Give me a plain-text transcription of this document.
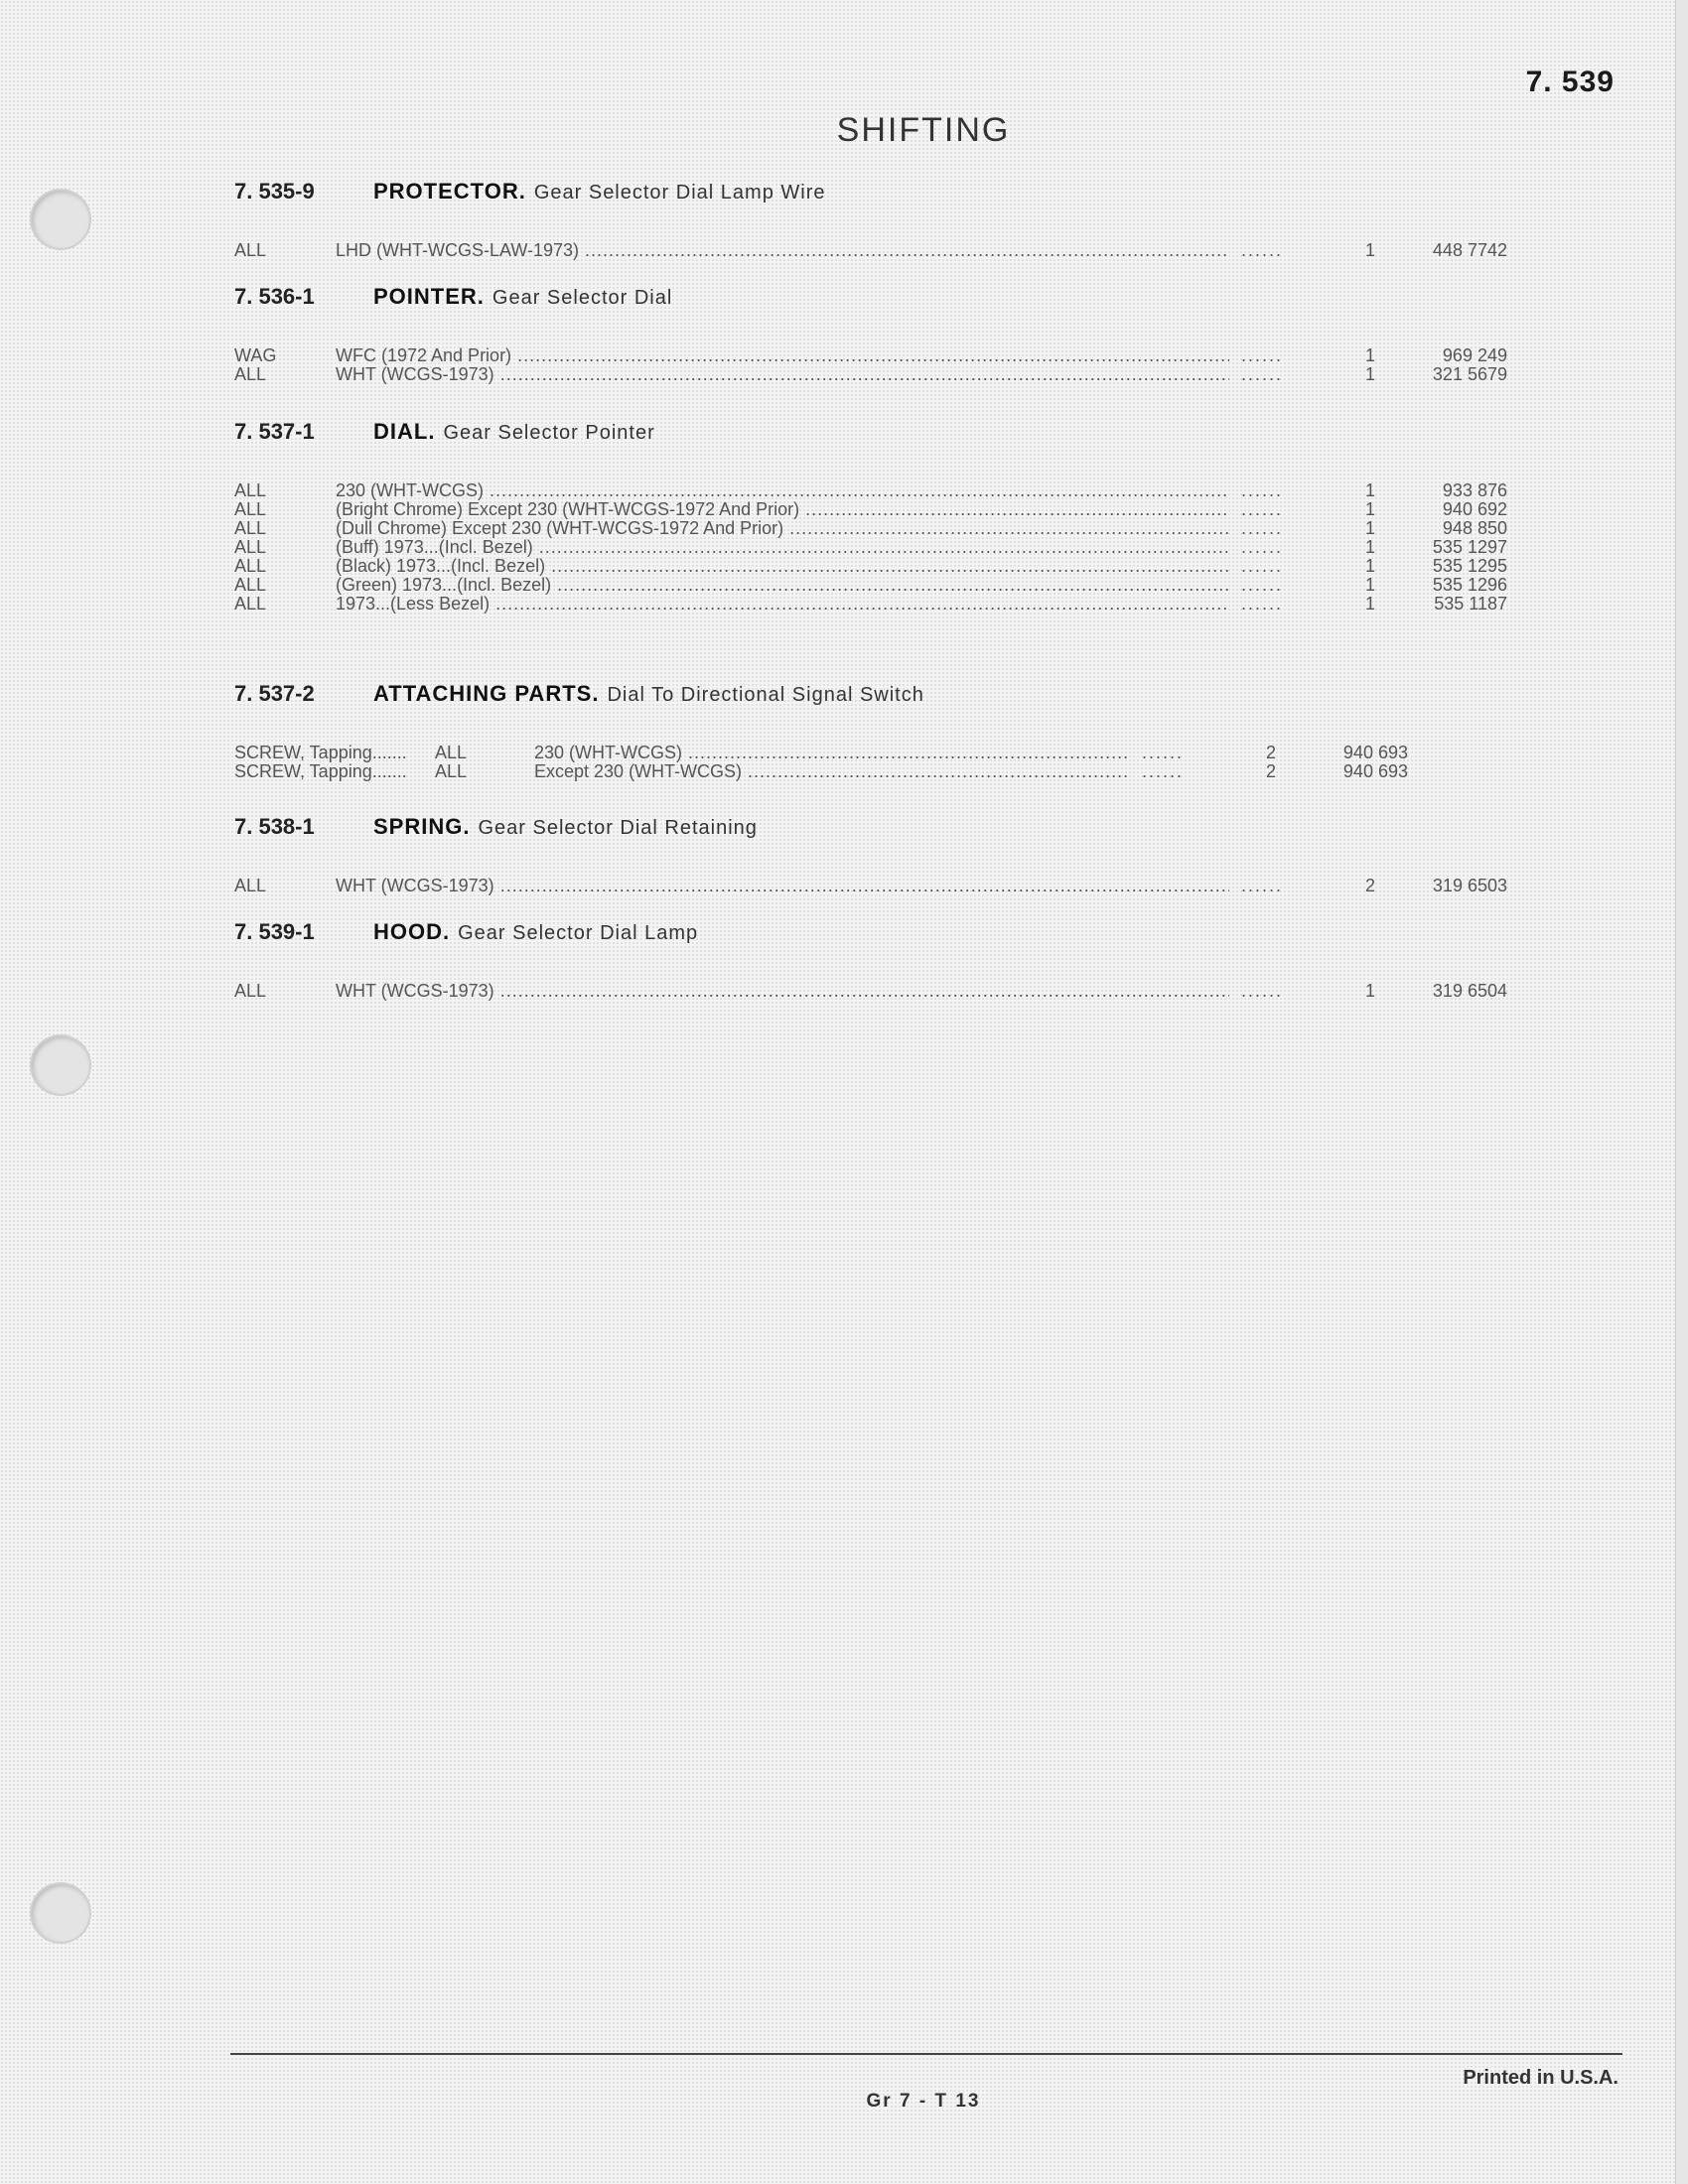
7. 539
SHIFTING
7. 535-9	PROTECTOR. Gear Selector Dial Lamp Wire
ALL	LHD (WHT-WCGS-LAW-1973) .....	......	1	448 7742
7. 536-1	POINTER. Gear Selector Dial
WAG	WFC (1972 And Prior) .....	......	1	969 249
ALL	WHT (WCGS-1973) .....	......	1	321 5679
7. 537-1	DIAL. Gear Selector Pointer
ALL	230 (WHT-WCGS) .....	......	1	933 876
ALL	(Bright Chrome) Except 230 (WHT-WCGS-1972 And Prior) .....	......	1	940 692
ALL	(Dull Chrome) Except 230 (WHT-WCGS-1972 And Prior) .....	......	1	948 850
ALL	(Buff) 1973...(Incl. Bezel) .....	......	1	535 1297
ALL	(Black) 1973...(Incl. Bezel) .....	......	1	535 1295
ALL	(Green) 1973...(Incl. Bezel) .....	......	1	535 1296
ALL	1973...(Less Bezel) .....	......	1	535 1187
7. 537-2	ATTACHING PARTS. Dial To Directional Signal Switch
SCREW, Tapping.......	ALL	230 (WHT-WCGS) .....	......	2	940 693
SCREW, Tapping.......	ALL	Except 230 (WHT-WCGS) .....	......	2	940 693
7. 538-1	SPRING. Gear Selector Dial Retaining
ALL	WHT (WCGS-1973) .....	......	2	319 6503
7. 539-1	HOOD. Gear Selector Dial Lamp
ALL	WHT (WCGS-1973) .....	......	1	319 6504
Printed in U.S.A.
Gr 7 - T 13
